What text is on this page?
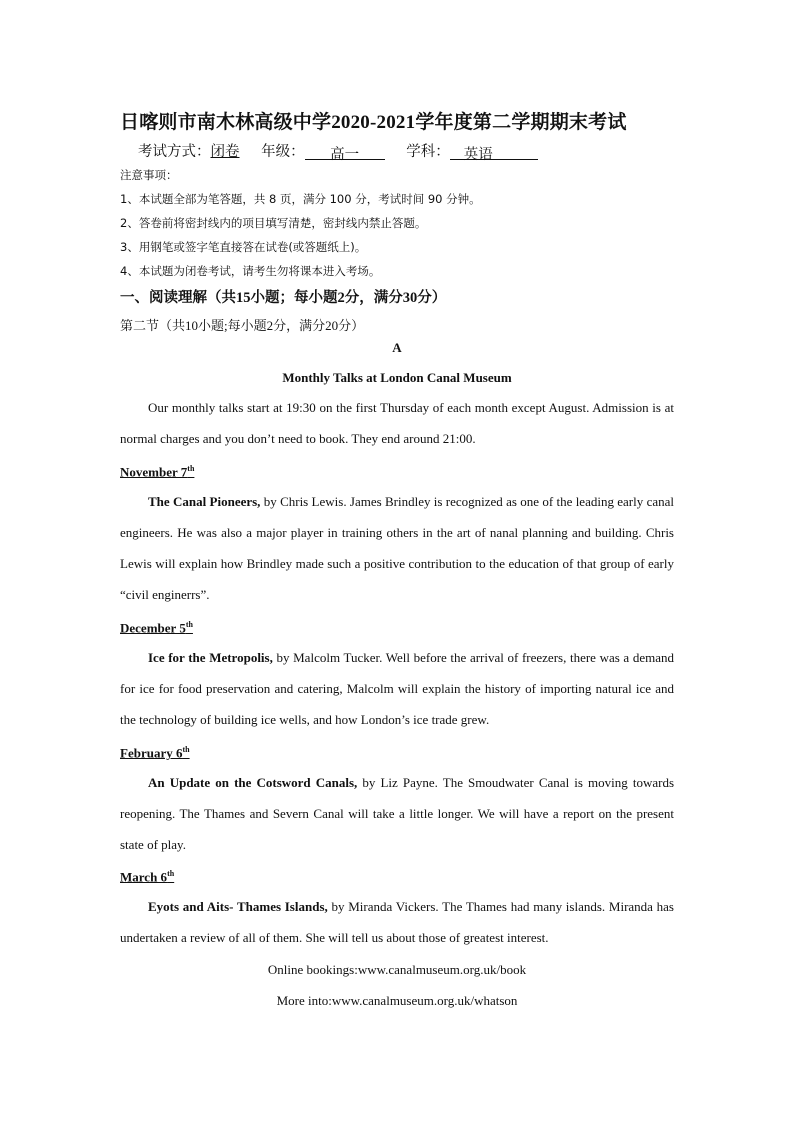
日喀则市南木林高级中学2020-2021学年度第二学期期末考试
考试方式：闭卷 年级： 高一	学科： 英语
注意事项：
1、本试题全部为笔答题，共 8 页，满分 100 分，考试时间 90 分钟。
2、答卷前将密封线内的项目填写清楚，密封线内禁止答题。
3、用钢笔或签字笔直接答在试卷(或答题纸上)。
4、本试题为闭卷考试，请考生勿将课本进入考场。
一、阅读理解（共15小题；每小题2分，满分30分）
第二节（共10小题;每小题2分，满分20分）
A
Monthly Talks at London Canal Museum
Our monthly talks start at 19:30 on the first Thursday of each month except August. Admission is at normal charges and you don’t need to book. They end around 21:00.
November 7th
The Canal Pioneers, by Chris Lewis. James Brindley is recognized as one of the leading early canal engineers. He was also a major player in training others in the art of nanal planning and building. Chris Lewis will explain how Brindley made such a positive contribution to the education of that group of early “civil enginerrs”.
December 5th
Ice for the Metropolis, by Malcolm Tucker. Well before the arrival of freezers, there was a demand for ice for food preservation and catering, Malcolm will explain the history of importing natural ice and the technology of building ice wells, and how London’s ice trade grew.
February 6th
An Update on the Cotsword Canals, by Liz Payne. The Smoudwater Canal is moving towards reopening. The Thames and Severn Canal will take a little longer. We will have a report on the present state of play.
March 6th
Eyots and Aits- Thames Islands, by Miranda Vickers. The Thames had many islands. Miranda has undertaken a review of all of them. She will tell us about those of greatest interest.
Online bookings:www.canalmuseum.org.uk/book
More into:www.canalmuseum.org.uk/whatson
